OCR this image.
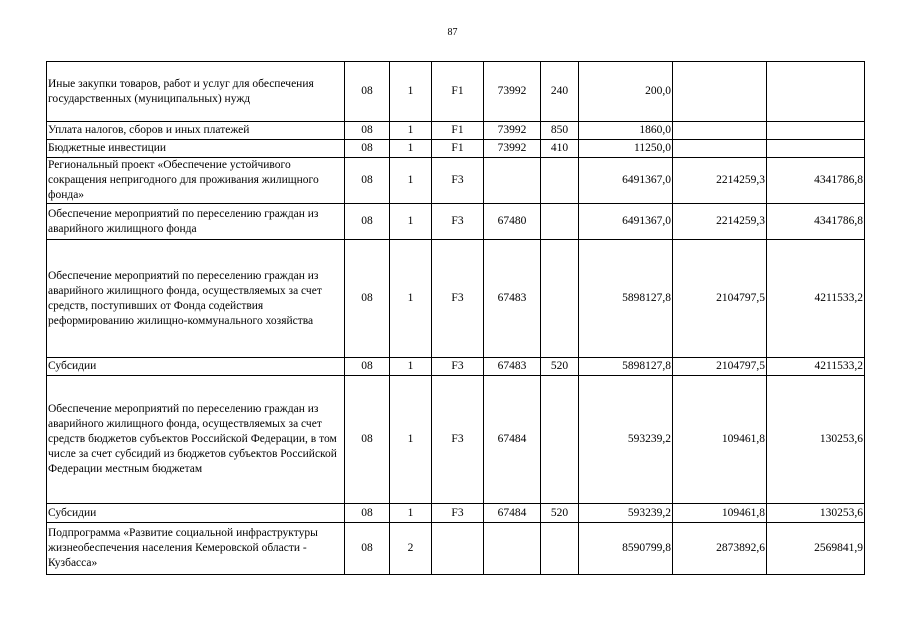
87
Иные закупки товаров, работ и услуг для обеспечения государственных (муниципальных) нужд	08	1	F1	73992	240	200,0		
Уплата налогов, сборов и иных платежей	08	1	F1	73992	850	1860,0		
Бюджетные инвестиции	08	1	F1	73992	410	11250,0		
Региональный проект «Обеспечение устойчивого сокращения непригодного для проживания жилищного фонда»	08	1	F3			6491367,0	2214259,3	4341786,8
Обеспечение мероприятий по переселению граждан из аварийного жилищного фонда	08	1	F3	67480		6491367,0	2214259,3	4341786,8
Обеспечение мероприятий по переселению граждан из аварийного жилищного фонда, осуществляемых за счет средств, поступивших от Фонда содействия реформированию жилищно-коммунального хозяйства	08	1	F3	67483		5898127,8	2104797,5	4211533,2
Субсидии	08	1	F3	67483	520	5898127,8	2104797,5	4211533,2
Обеспечение мероприятий по переселению граждан из аварийного жилищного фонда, осуществляемых за счет средств бюджетов субъектов Российской Федерации, в том числе за счет субсидий из бюджетов субъектов Российской Федерации местным бюджетам	08	1	F3	67484		593239,2	109461,8	130253,6
Субсидии	08	1	F3	67484	520	593239,2	109461,8	130253,6
Подпрограмма «Развитие социальной инфраструктуры жизнеобеспечения населения Кемеровской области - Кузбасса»	08	2				8590799,8	2873892,6	2569841,9
